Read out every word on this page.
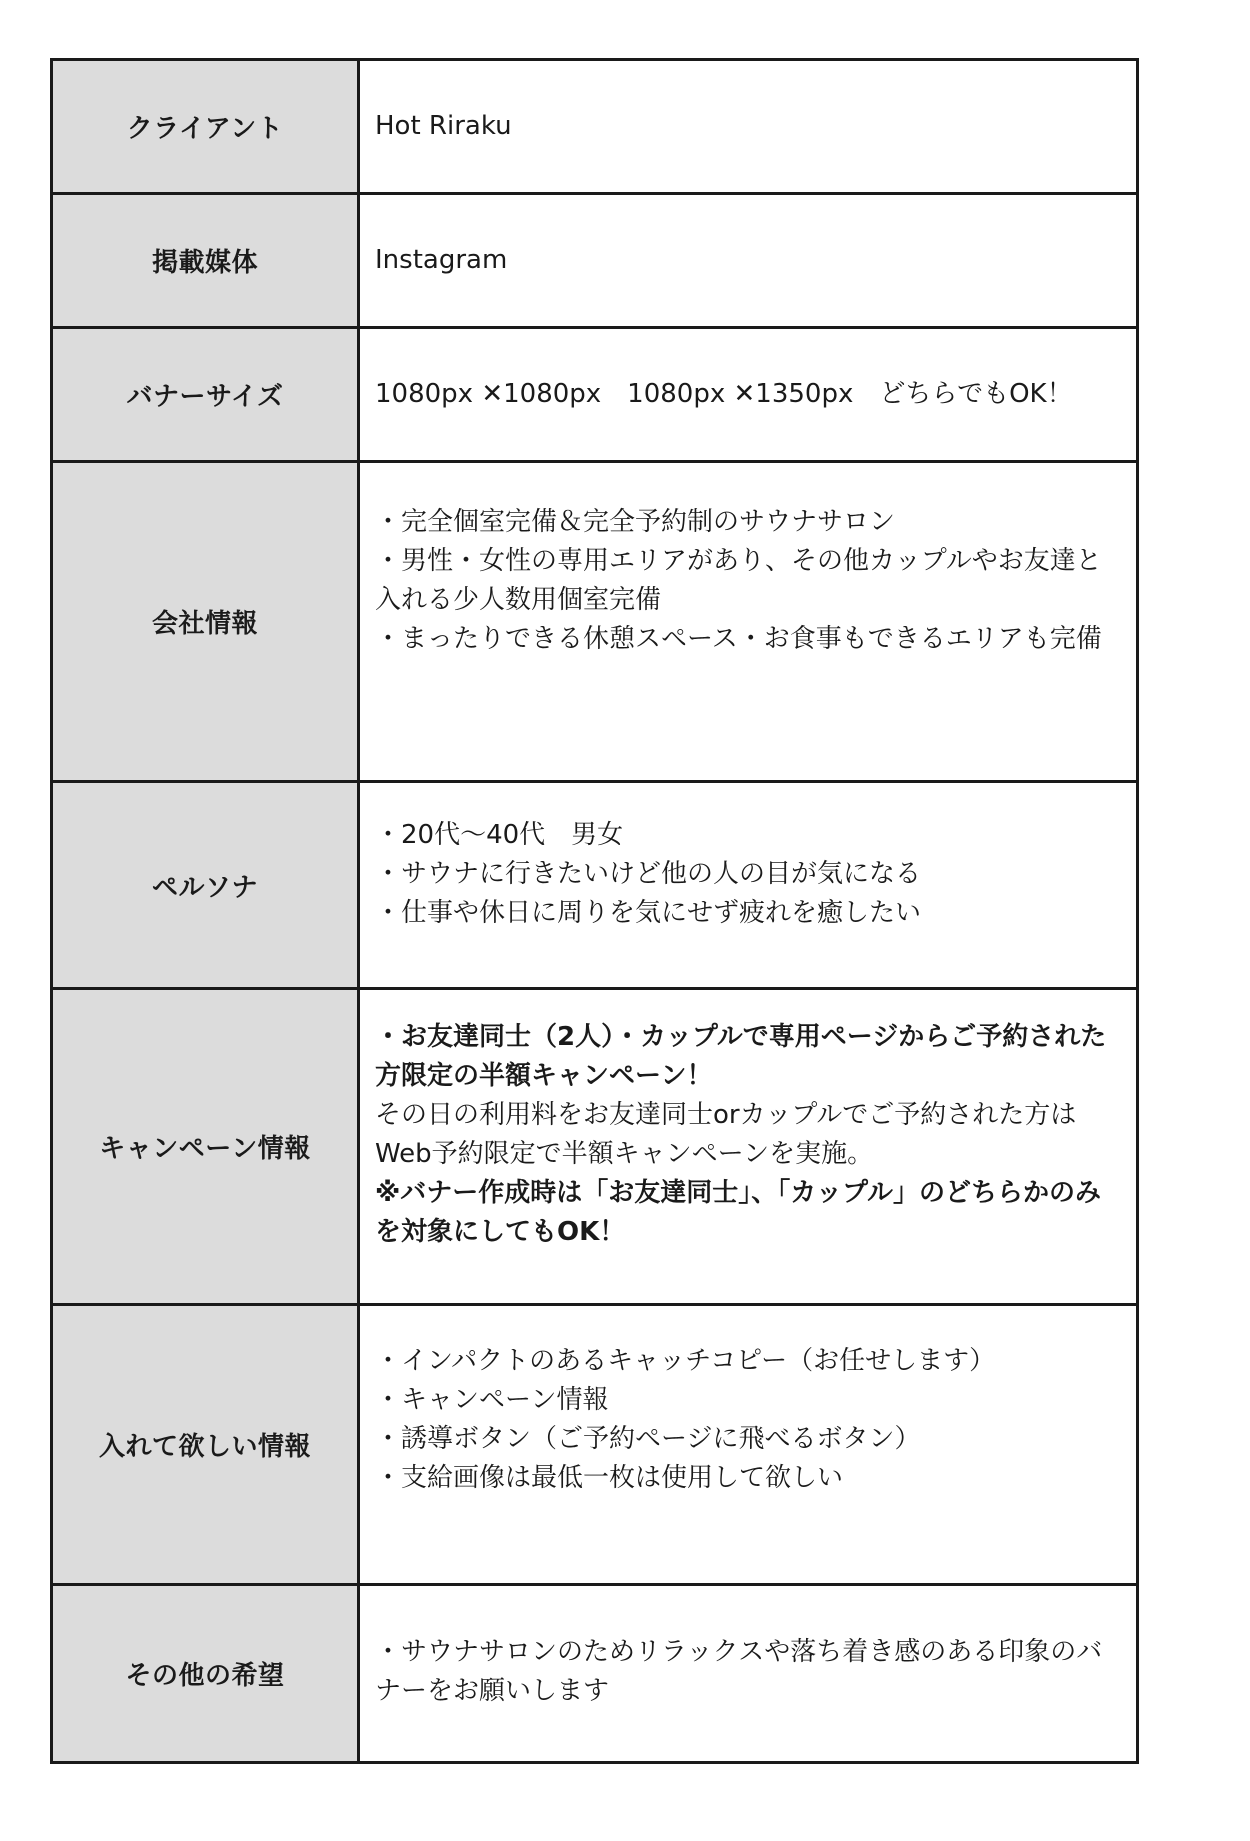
クライアント	Hot Riraku

掲載媒体	Instagram

バナーサイズ	1080px ✕1080px　1080px ✕1350px　どちらでもOK！

会社情報	・完全個室完備＆完全予約制のサウナサロン
・男性・女性の専用エリアがあり、その他カップルやお友達と入れる少人数用個室完備
・まったりできる休憩スペース・お食事もできるエリアも完備

ペルソナ	・20代〜40代　男女
・サウナに行きたいけど他の人の目が気になる
・仕事や休日に周りを気にせず疲れを癒したい

キャンペーン情報	・お友達同士（2人）・カップルで専用ページからご予約された方限定の半額キャンペーン！
その日の利用料をお友達同士orカップルでご予約された方はWeb予約限定で半額キャンペーンを実施。
※バナー作成時は「お友達同士」、「カップル」のどちらかのみを対象にしてもOK！

入れて欲しい情報	・インパクトのあるキャッチコピー（お任せします）
・キャンペーン情報
・誘導ボタン（ご予約ページに飛べるボタン）
・支給画像は最低一枚は使用して欲しい

その他の希望	・サウナサロンのためリラックスや落ち着き感のある印象のバナーをお願いします
